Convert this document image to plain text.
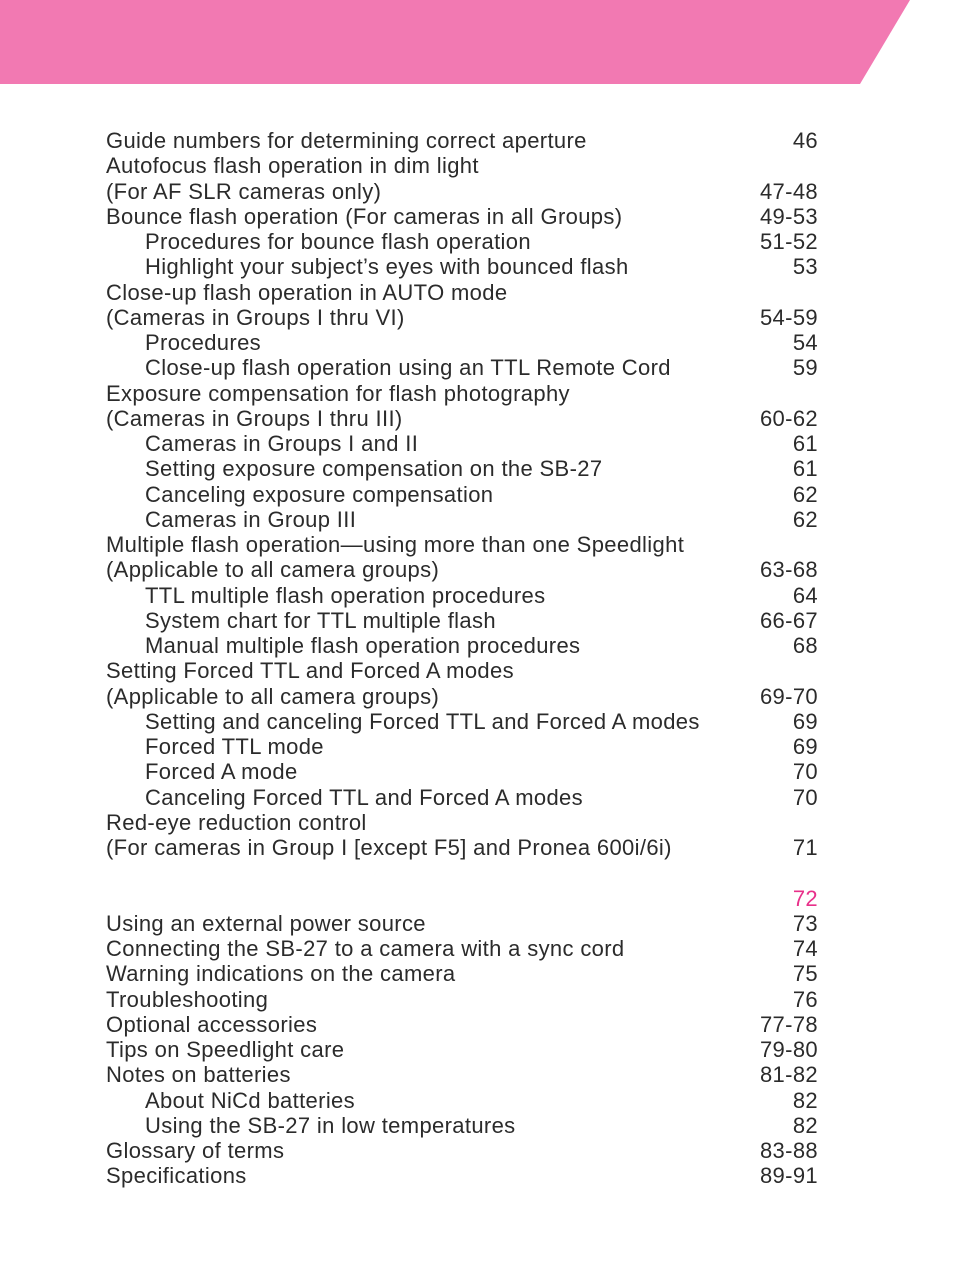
Guide numbers for determining correct aperture	46
Autofocus flash operation in dim light
(For AF SLR cameras only)	47-48
Bounce flash operation (For cameras in all Groups)	49-53
Procedures for bounce flash operation	51-52
Highlight your subject’s eyes with bounced flash	53
Close-up flash operation in AUTO mode
(Cameras in Groups I thru VI)	54-59
Procedures	54
Close-up flash operation using an TTL Remote Cord	59
Exposure compensation for flash photography
(Cameras in Groups I thru III)	60-62
Cameras in Groups I and II	61
Setting exposure compensation on the SB-27	61
Canceling exposure compensation	62
Cameras in Group III	62
Multiple flash operation—using more than one Speedlight
(Applicable to all camera groups)	63-68
TTL multiple flash operation procedures	64
System chart for TTL multiple flash	66-67
Manual multiple flash operation procedures	68
Setting Forced TTL and Forced A modes
(Applicable to all camera groups)	69-70
Setting and canceling Forced TTL and Forced A modes	69
Forced TTL mode	69
Forced A mode	70
Canceling Forced TTL and Forced A modes	70
Red-eye reduction control
(For cameras in Group I [except F5] and Pronea 600i/6i)	71
72
Using an external power source	73
Connecting the SB-27 to a camera with a sync cord	74
Warning indications on the camera	75
Troubleshooting	76
Optional accessories	77-78
Tips on Speedlight care	79-80
Notes on batteries	81-82
About NiCd batteries	82
Using the SB-27 in low temperatures	82
Glossary of terms	83-88
Specifications	89-91
